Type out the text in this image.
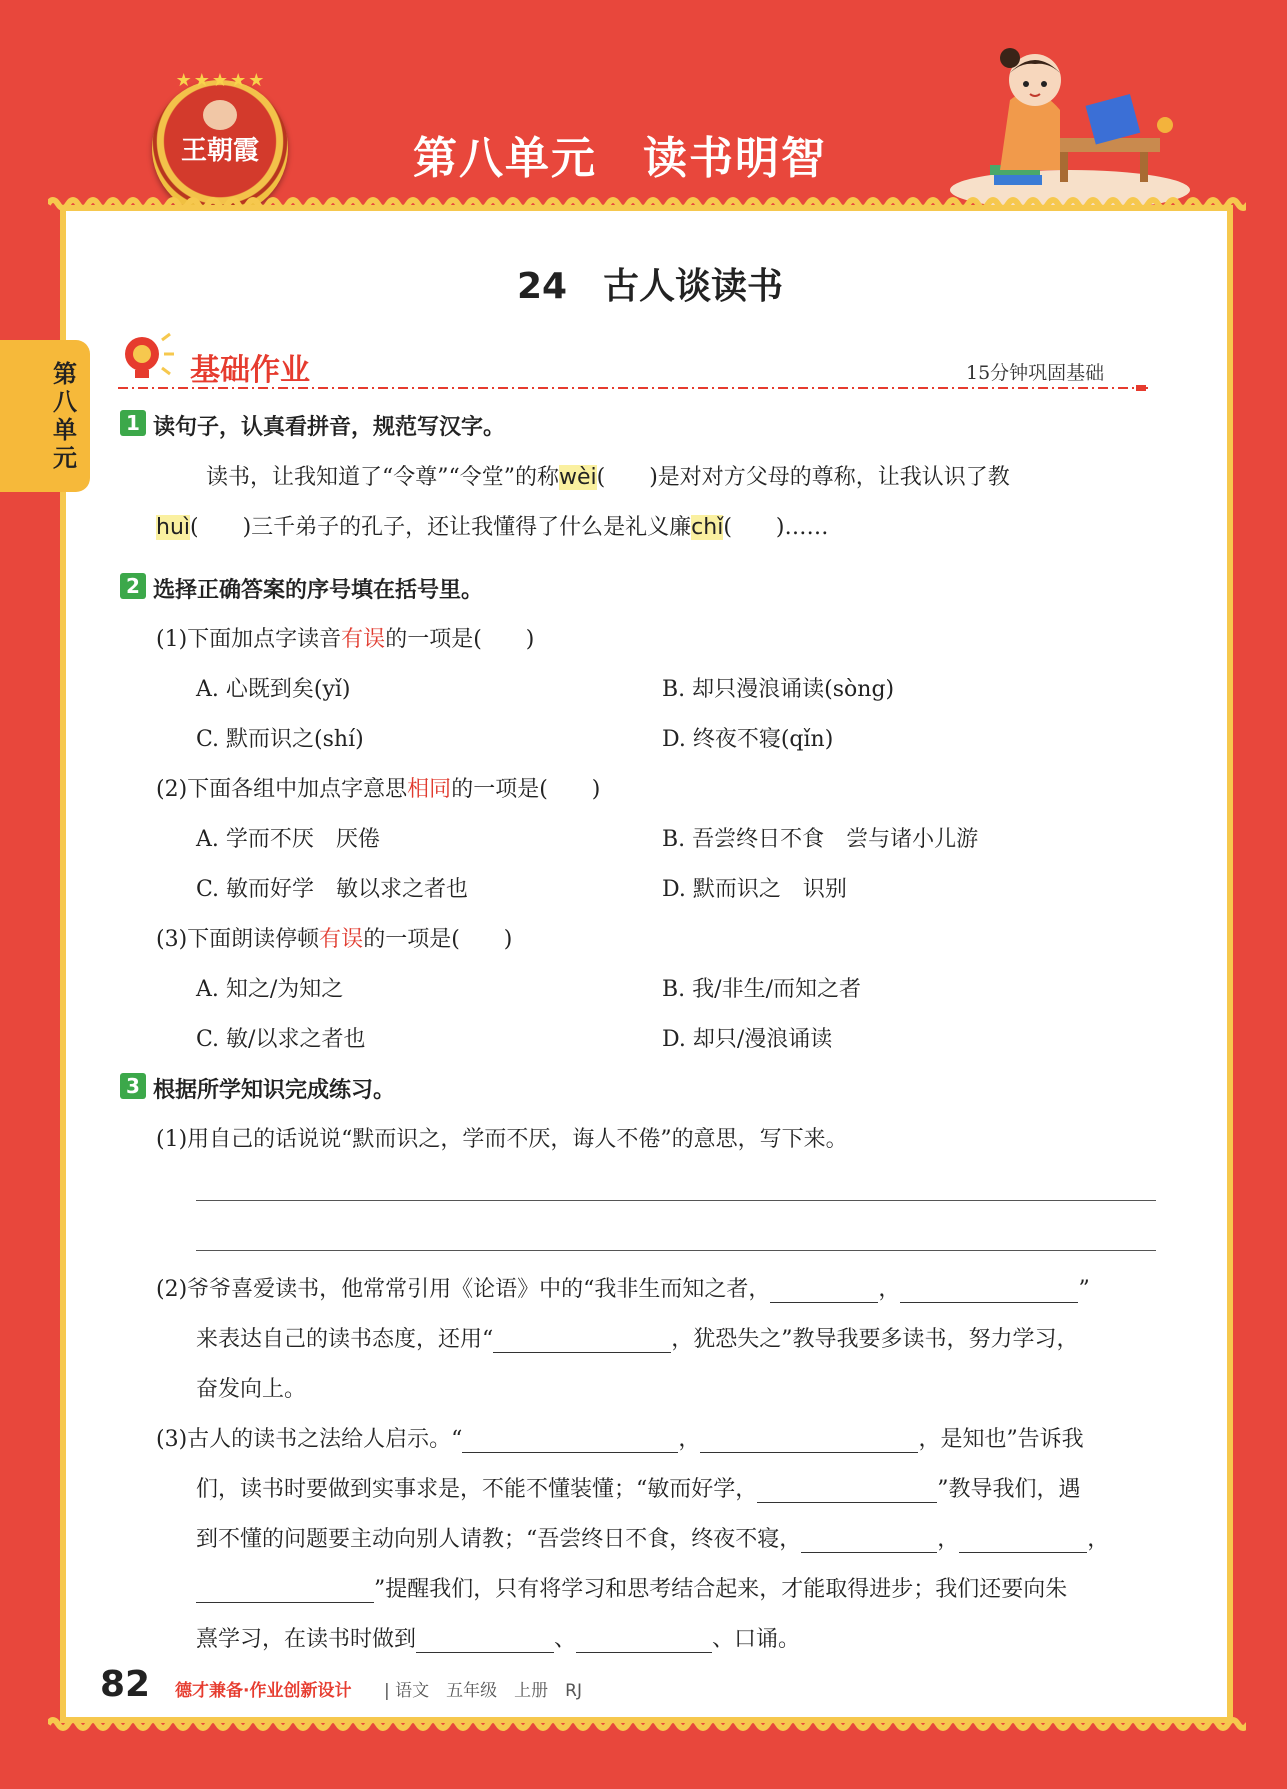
★★★★★
王朝霞	第八单元　读书明智
第八单元
24　古人谈读书
基础作业	15分钟巩固基础
1 读句子，认真看拼音，规范写汉字。
读书，让我知道了“令尊”“令堂”的称wèi(　　)是对对方父母的尊称，让我认识了教
huì(　　)三千弟子的孔子，还让我懂得了什么是礼义廉chǐ(　　)……
2 选择正确答案的序号填在括号里。
(1)下面加点字读音有误的一项是(　　)
A. 心既到矣(yǐ)	B. 却只漫浪诵读(sòng)
C. 默而识之(shí)	D. 终夜不寝(qǐn)
(2)下面各组中加点字意思相同的一项是(　　)
A. 学而不厌　厌倦	B. 吾尝终日不食　尝与诸小儿游
C. 敏而好学　敏以求之者也	D. 默而识之　识别
(3)下面朗读停顿有误的一项是(　　)
A. 知之/为知之	B. 我/非生/而知之者
C. 敏/以求之者也	D. 却只/漫浪诵读
3 根据所学知识完成练习。
(1)用自己的话说说“默而识之，学而不厌，诲人不倦”的意思，写下来。
(2)爷爷喜爱读书，他常常引用《论语》中的“我非生而知之者，	，	”
来表达自己的读书态度，还用“	，犹恐失之”教导我要多读书，努力学习，
奋发向上。
(3)古人的读书之法给人启示。“	，	，是知也”告诉我
们，读书时要做到实事求是，不能不懂装懂；“敏而好学，	”教导我们，遇
到不懂的问题要主动向别人请教；“吾尝终日不食，终夜不寝，	，	，
”提醒我们，只有将学习和思考结合起来，才能取得进步；我们还要向朱
熹学习，在读书时做到	、	、口诵。
82 德才兼备·作业创新设计 | 语文　五年级　上册　RJ
